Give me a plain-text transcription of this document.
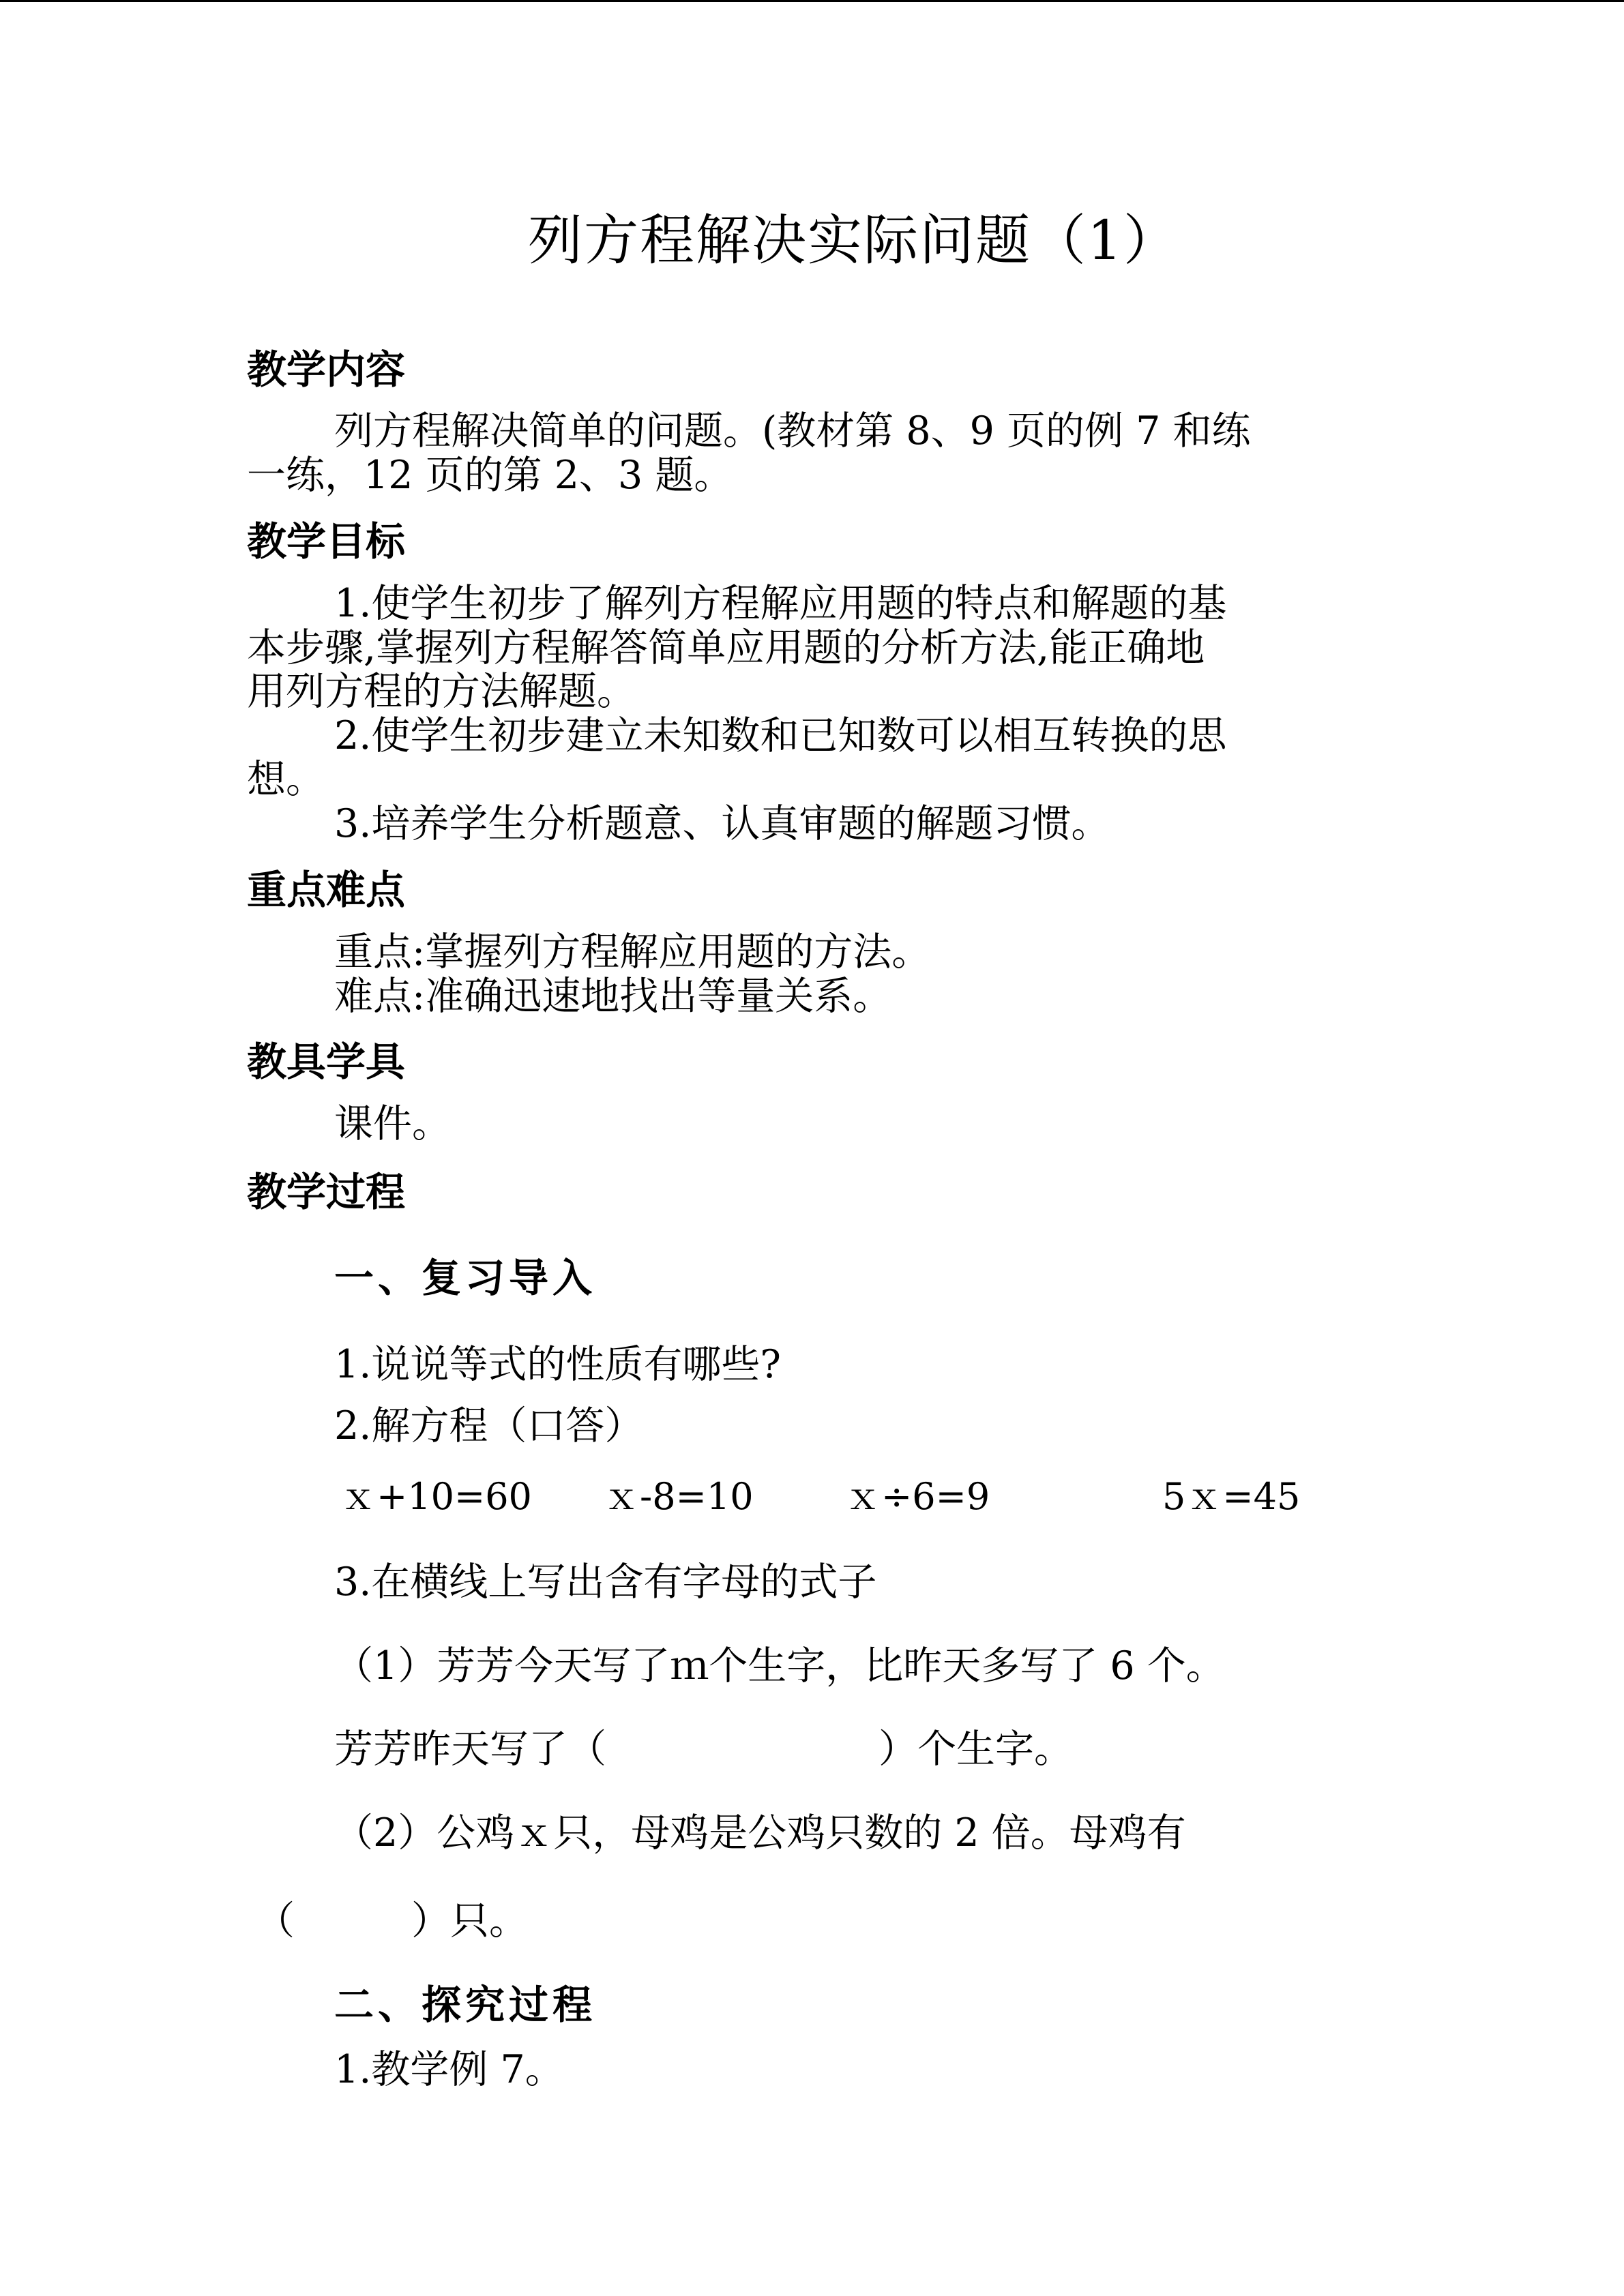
列方程解决实际问题（1）
教学内容
列方程解决简单的问题。(教材第 8、9 页的例 7 和练
一练，12 页的第 2、3 题。
教学目标
1.使学生初步了解列方程解应用题的特点和解题的基
本步骤,掌握列方程解答简单应用题的分析方法,能正确地
用列方程的方法解题。
2.使学生初步建立未知数和已知数可以相互转换的思
想。
3.培养学生分析题意、认真审题的解题习惯。
重点难点
重点:掌握列方程解应用题的方法。
难点:准确迅速地找出等量关系。
教具学具
课件。
教学过程
一、复习导入
1.说说等式的性质有哪些?
2.解方程（口答）
ｘ+10=60 ｘ-8=10 ｘ÷6=9	5ｘ=45
3.在横线上写出含有字母的式子
（1）芳芳今天写了ｍ个生字，比昨天多写了 6 个。
芳芳昨天写了（　　　　　　　）个生字。
（2）公鸡ｘ只，母鸡是公鸡只数的 2 倍。母鸡有
（　　　）只。
二、探究过程
1.教学例 7。
